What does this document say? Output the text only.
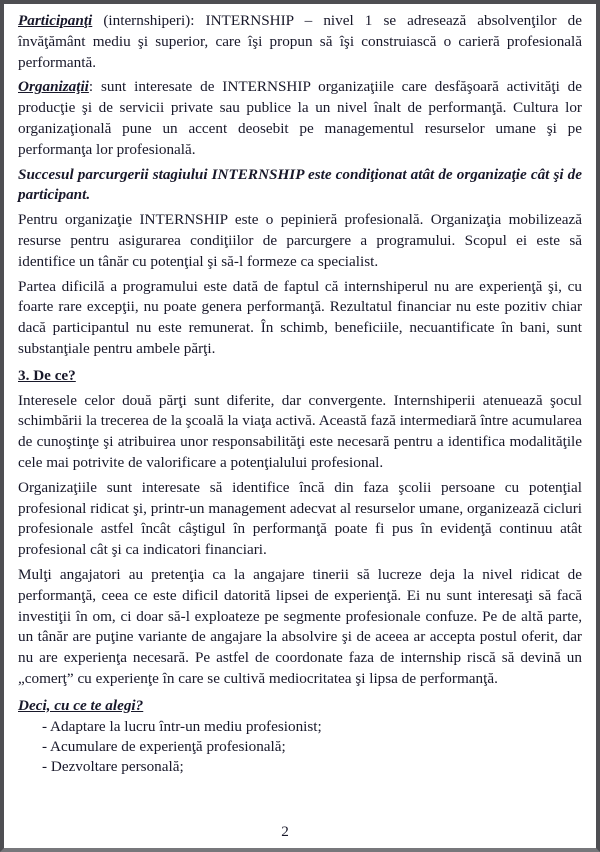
Participanţi (internshiperi): INTERNSHIP – nivel 1 se adresează absolvenţilor de învăţământ mediu şi superior, care îşi propun să îşi construiască o carieră profesională performantă.

Organizaţii: sunt interesate de INTERNSHIP organizaţiile care desfăşoară activităţi de producţie şi de servicii private sau publice la un nivel înalt de performanţă. Cultura lor organizaţională pune un accent deosebit pe managementul resurselor umane şi pe performanţa lor profesională.

Succesul parcurgerii stagiului INTERNSHIP este condiţionat atât de organizaţie cât şi de participant.

Pentru organizaţie INTERNSHIP este o pepinieră profesională. Organizaţia mobilizează resurse pentru asigurarea condiţiilor de parcurgere a programului. Scopul ei este să identifice un tânăr cu potenţial şi să-l formeze ca specialist.

Partea dificilă a programului este dată de faptul că internshiperul nu are experienţă şi, cu foarte rare excepţii, nu poate genera performanţă. Rezultatul financiar nu este pozitiv chiar dacă participantul nu este remunerat. În schimb, beneficiile, necuantificate în bani, sunt substanţiale pentru ambele părţi.

3. De ce?

Interesele celor două părţi sunt diferite, dar convergente. Internshiperii atenuează şocul schimbării la trecerea de la şcoală la viaţa activă. Această fază intermediară între acumularea de cunoştinţe şi atribuirea unor responsabilităţi este necesară pentru a identifica modalităţile cele mai potrivite de valorificare a potenţialului profesional.

Organizaţiile sunt interesate să identifice încă din faza şcolii persoane cu potenţial profesional ridicat şi, printr-un management adecvat al resurselor umane, organizează cicluri profesionale astfel încât câştigul în performanţă poate fi pus în evidenţă continuu atât profesional cât şi ca indicatori financiari.

Mulţi angajatori au pretenţia ca la angajare tinerii să lucreze deja la nivel ridicat de performanţă, ceea ce este dificil datorită lipsei de experienţă. Ei nu sunt interesaţi să facă investiţii în om, ci doar să-l exploateze pe segmente profesionale confuze. Pe de altă parte, un tânăr are puţine variante de angajare la absolvire şi de aceea ar accepta postul oferit, dar nu are experienţa necesară. Pe astfel de coordonate faza de internship riscă să devină un „comerţ” cu experienţe în care se cultivă mediocritatea şi lipsa de performanţă.

Deci, cu ce te alegi?
- Adaptare la lucru într-un mediu profesionist;
- Acumulare de experienţă profesională;
- Dezvoltare personală;
2
